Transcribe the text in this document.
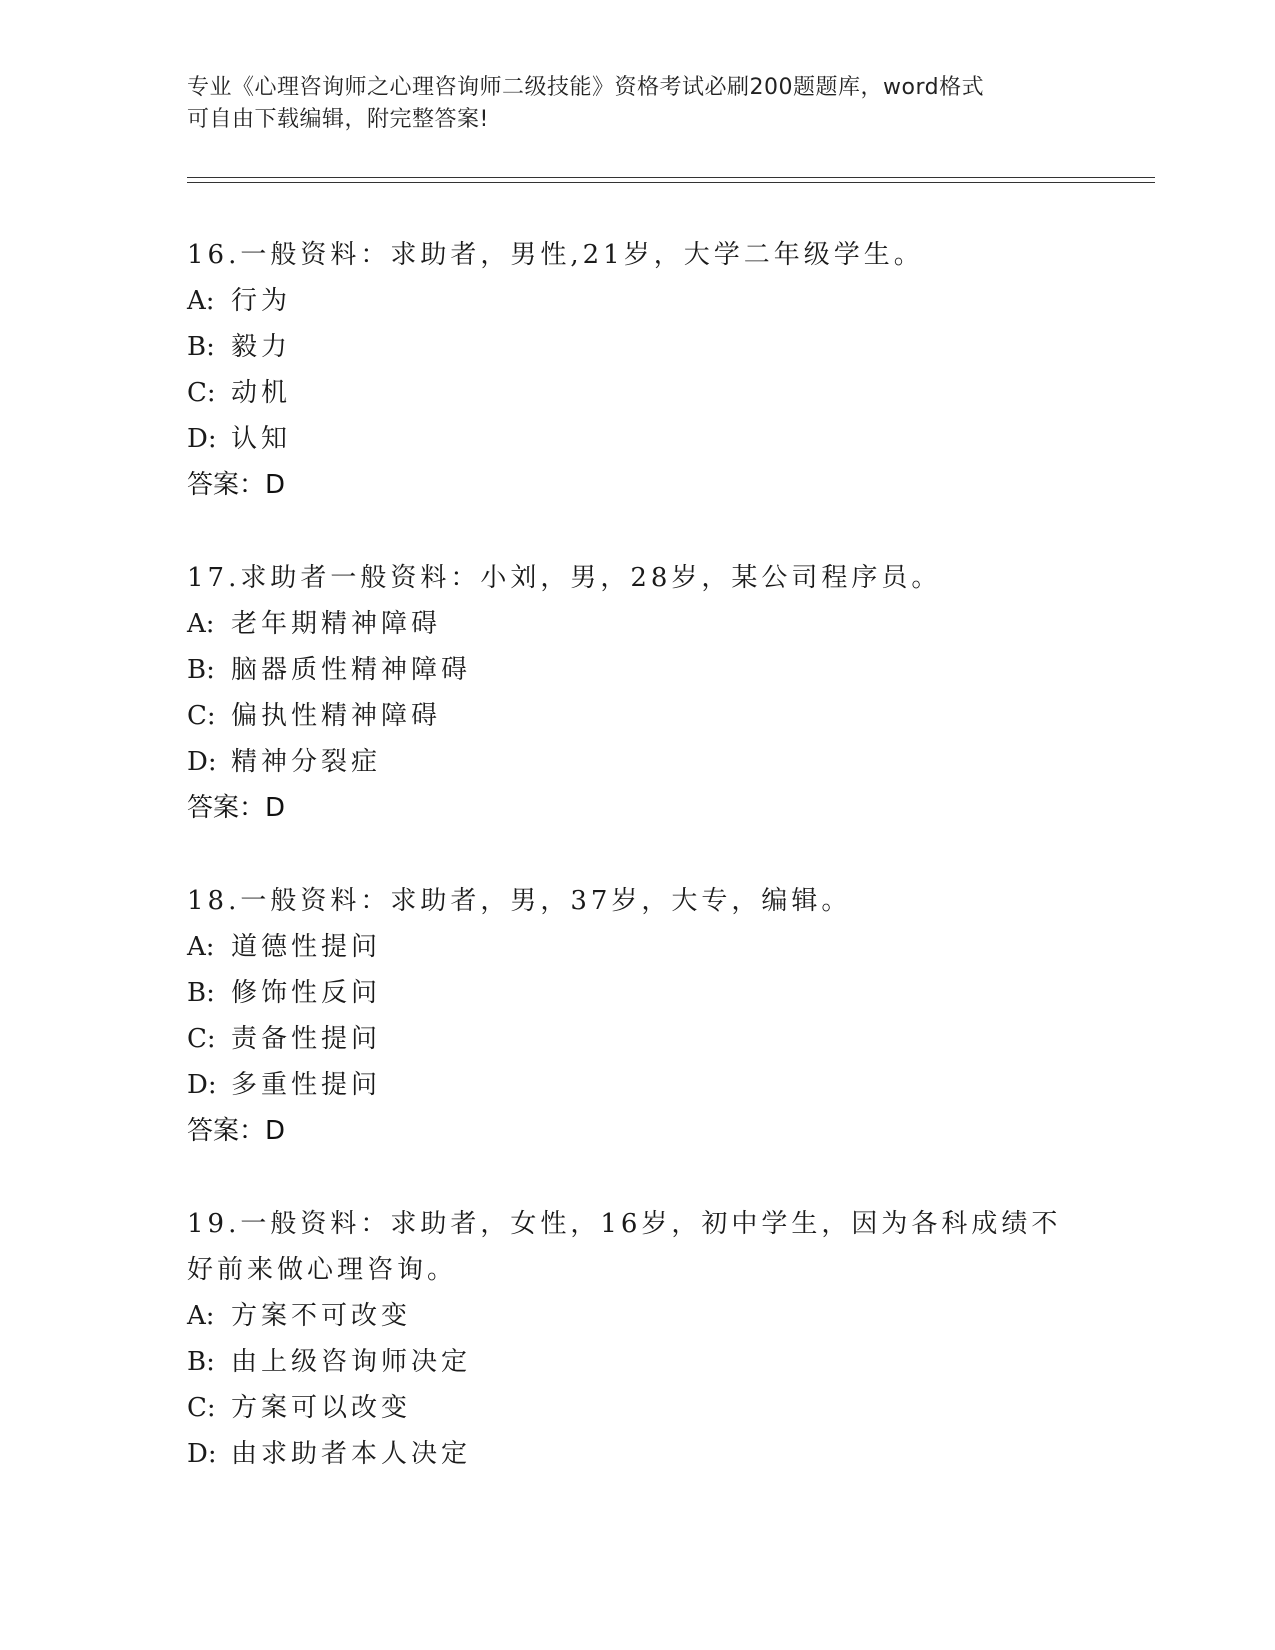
专业《心理咨询师之心理咨询师二级技能》资格考试必刷200题题库，word格式
可自由下载编辑，附完整答案!
16.一般资料：求助者，男性,21岁，大学二年级学生。
A: 行为
B: 毅力
C: 动机
D: 认知
答案：D
17.求助者一般资料：小刘，男，28岁，某公司程序员。
A: 老年期精神障碍
B: 脑器质性精神障碍
C: 偏执性精神障碍
D: 精神分裂症
答案：D
18.一般资料：求助者，男，37岁，大专，编辑。
A: 道德性提问
B: 修饰性反问
C: 责备性提问
D: 多重性提问
答案：D
19.一般资料：求助者，女性，16岁，初中学生，因为各科成绩不好前来做心理咨询。
A: 方案不可改变
B: 由上级咨询师决定
C: 方案可以改变
D: 由求助者本人决定
